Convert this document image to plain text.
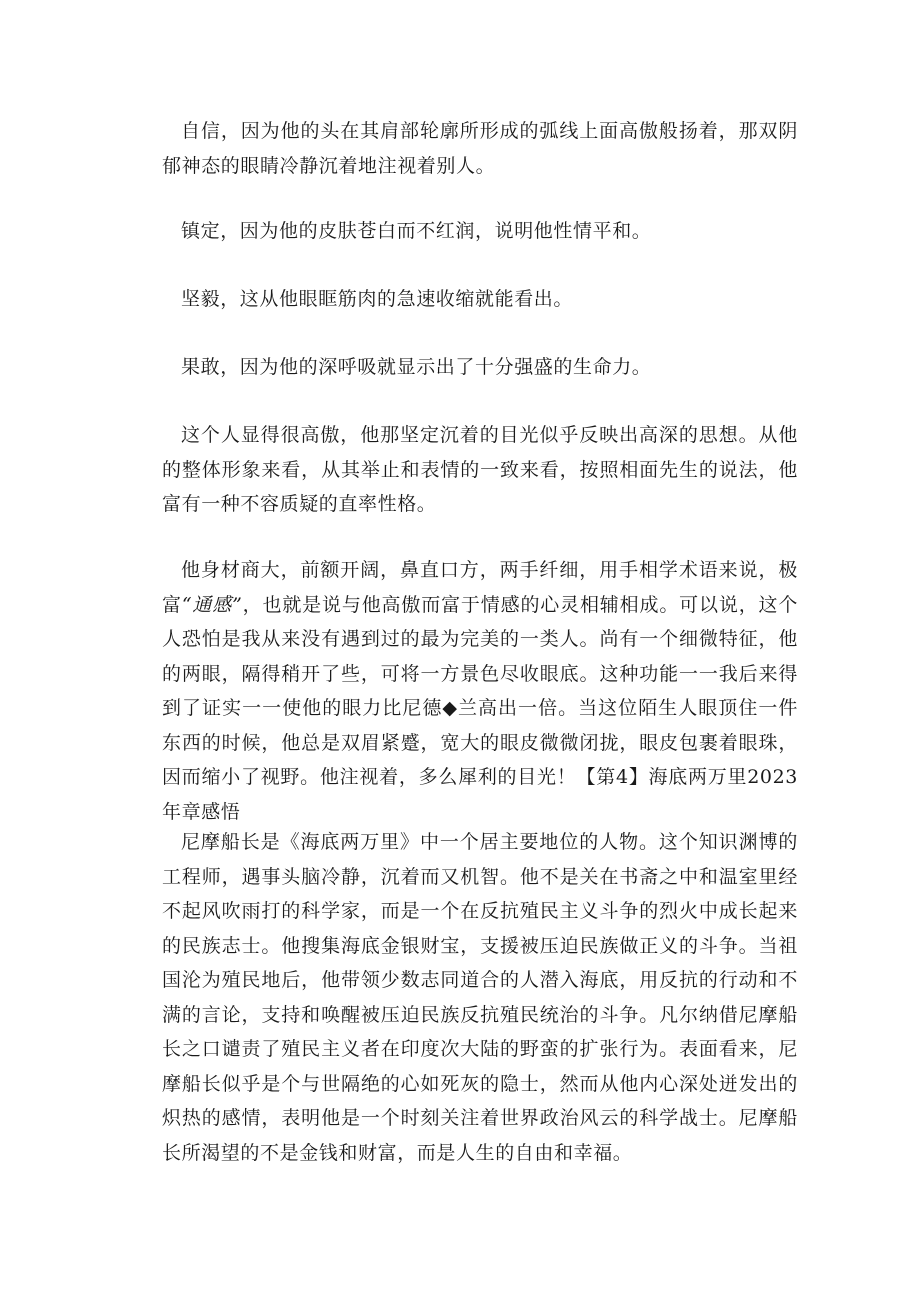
自信，因为他的头在其肩部轮廓所形成的弧线上面高傲般扬着，那双阴郁神态的眼睛冷静沉着地注视着别人。

镇定，因为他的皮肤苍白而不红润，说明他性情平和。

坚毅，这从他眼眶筋肉的急速收缩就能看出。

果敢，因为他的深呼吸就显示出了十分强盛的生命力。

这个人显得很高傲，他那坚定沉着的目光似乎反映出高深的思想。从他的整体形象来看，从其举止和表情的一致来看，按照相面先生的说法，他富有一种不容质疑的直率性格。

他身材商大，前额开阔，鼻直口方，两手纤细，用手相学术语来说，极富“通感”，也就是说与他高傲而富于情感的心灵相辅相成。可以说，这个人恐怕是我从来没有遇到过的最为完美的一类人。尚有一个细微特征，他的两眼，隔得稍开了些，可将一方景色尽收眼底。这种功能一一我后来得到了证实一一使他的眼力比尼德◆兰高出一倍。当这位陌生人眼顶住一件东西的时候，他总是双眉紧蹙，宽大的眼皮微微闭拢，眼皮包裹着眼珠，因而缩小了视野。他注视着，多么犀利的目光！【第4】海底两万里2023年章感悟

尼摩船长是《海底两万里》中一个居主要地位的人物。这个知识渊博的工程师，遇事头脑冷静，沉着而又机智。他不是关在书斋之中和温室里经不起风吹雨打的科学家，而是一个在反抗殖民主义斗争的烈火中成长起来的民族志士。他搜集海底金银财宝，支援被压迫民族做正义的斗争。当祖国沦为殖民地后，他带领少数志同道合的人潜入海底，用反抗的行动和不满的言论，支持和唤醒被压迫民族反抗殖民统治的斗争。凡尔纳借尼摩船长之口谴责了殖民主义者在印度次大陆的野蛮的扩张行为。表面看来，尼摩船长似乎是个与世隔绝的心如死灰的隐士，然而从他内心深处迸发出的炽热的感情，表明他是一个时刻关注着世界政治风云的科学战士。尼摩船长所渴望的不是金钱和财富，而是人生的自由和幸福。
